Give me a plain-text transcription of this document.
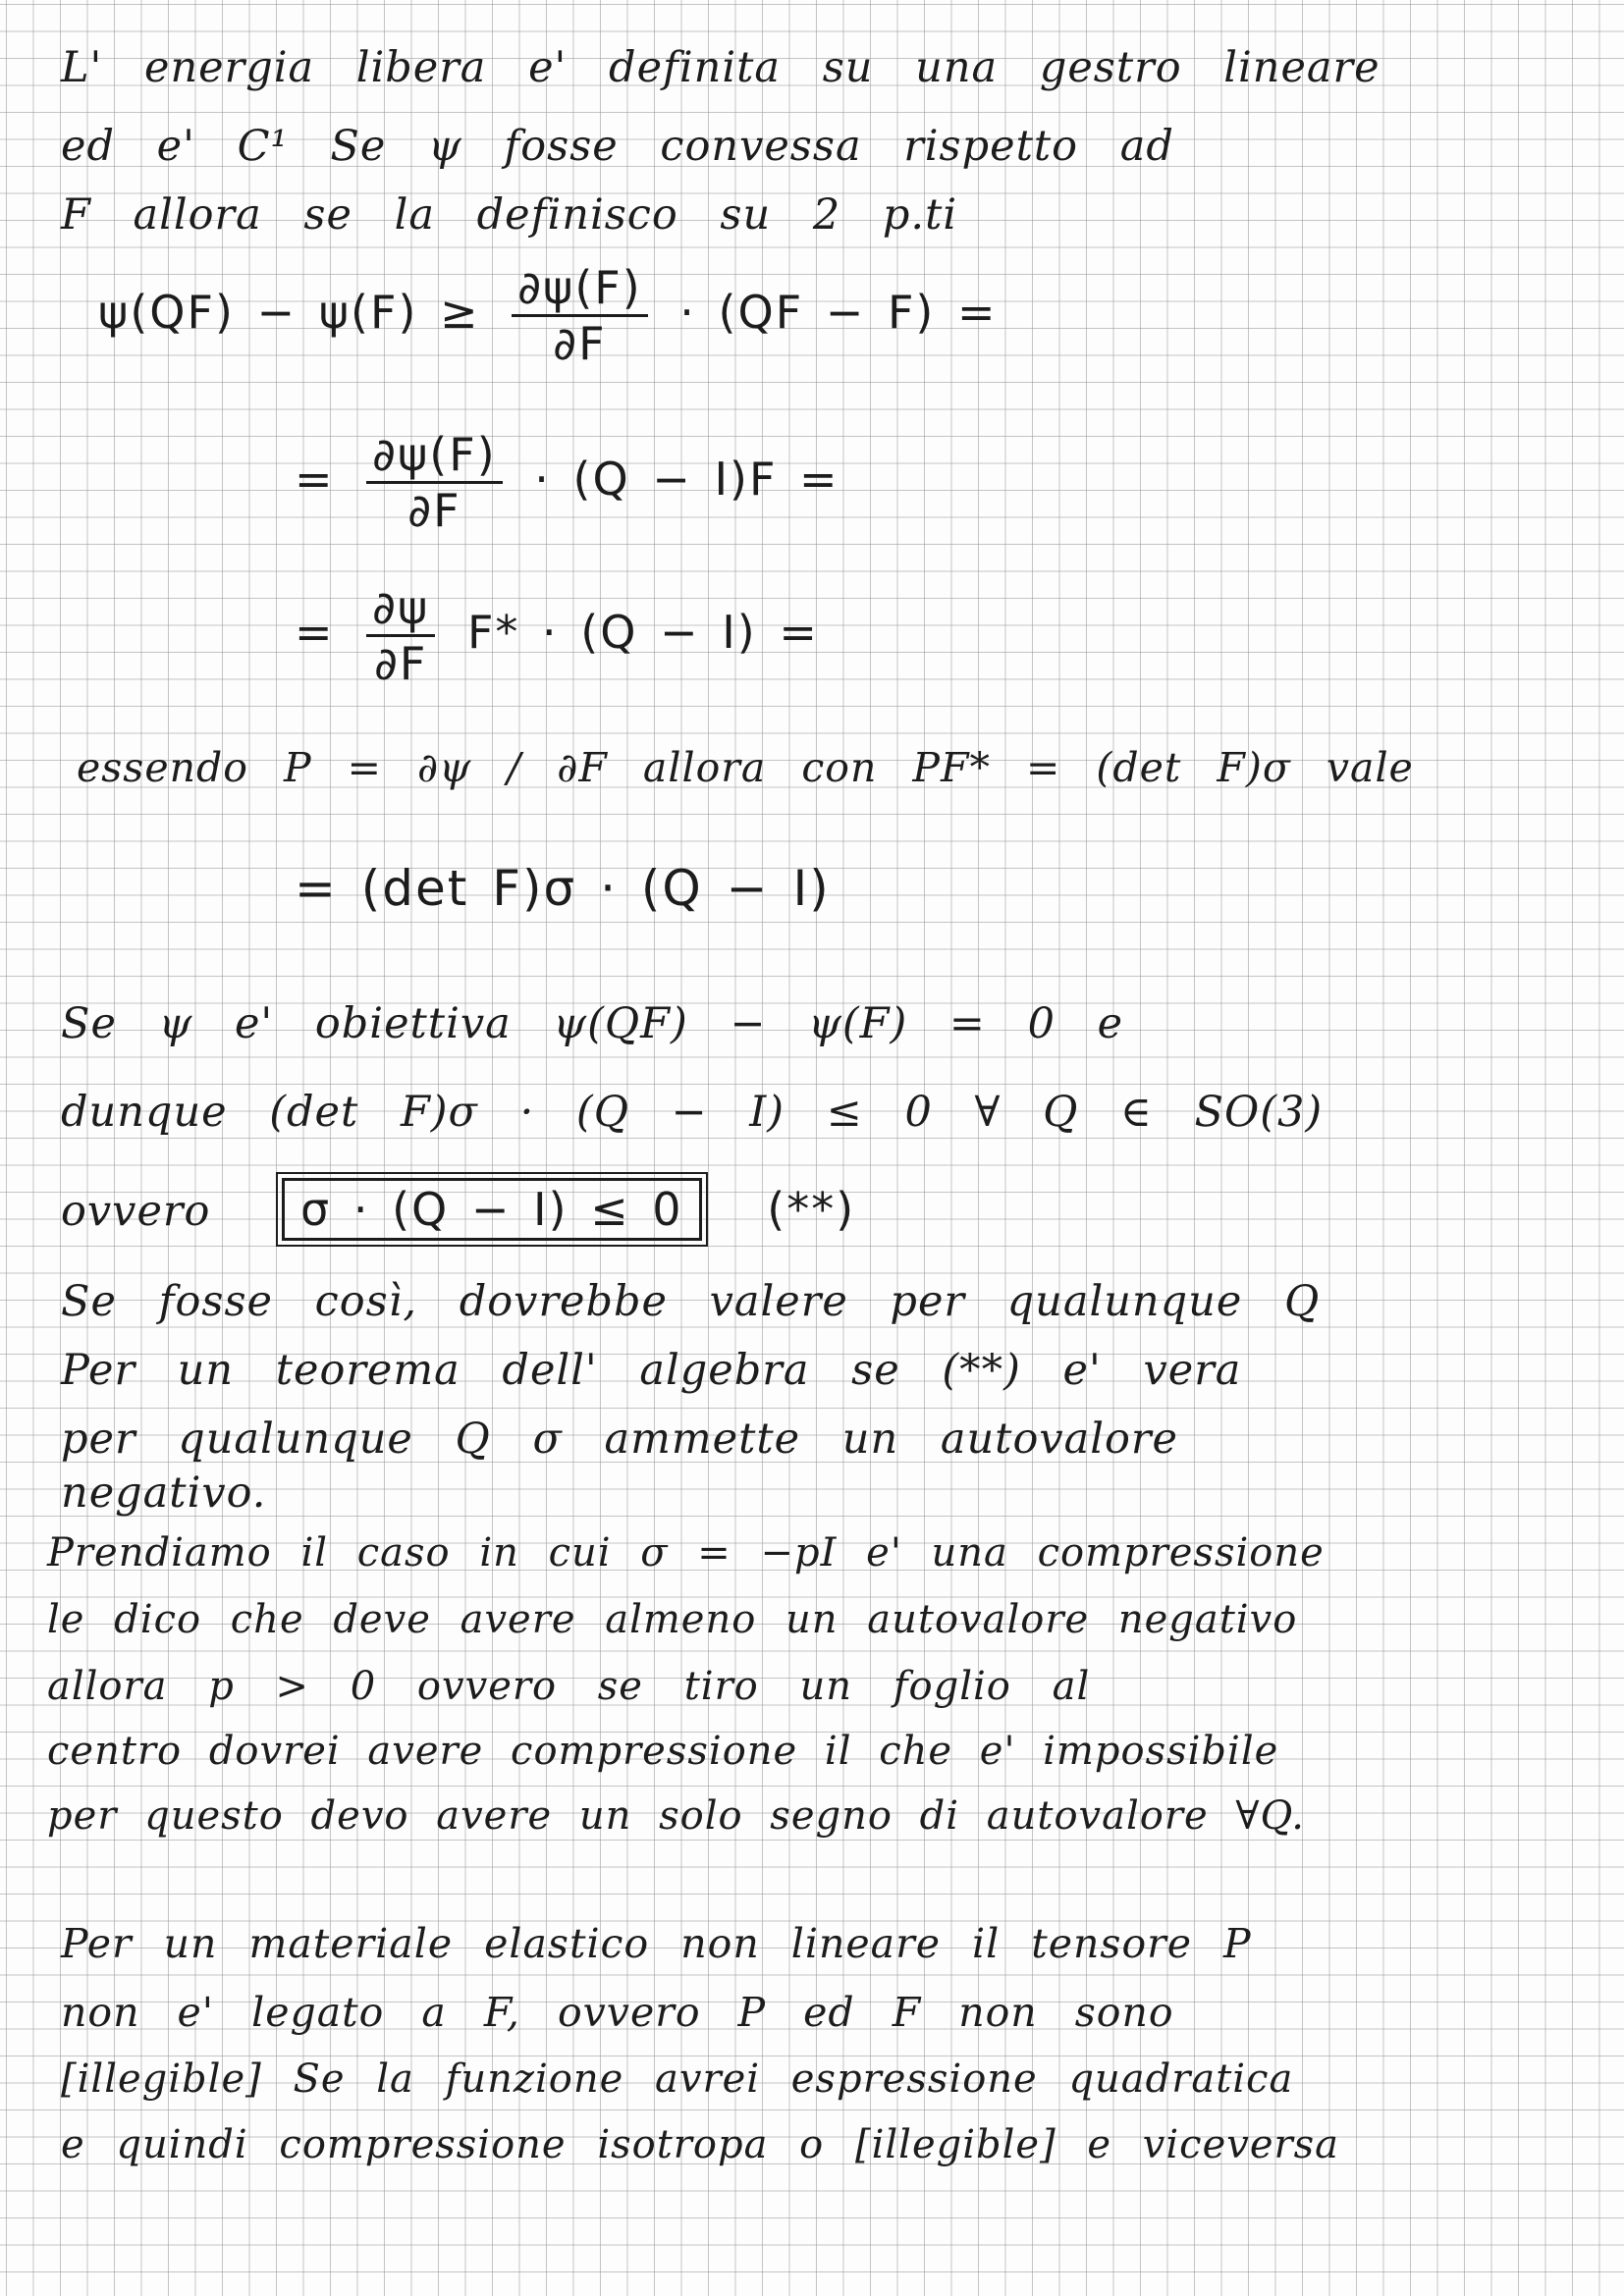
L' energia libera e' definita su una gestro lineare
ed e' C¹ Se ψ fosse convessa rispetto ad
F allora se la definisco su 2 p.ti
$\psi(QF) - \psi(F) \ge \frac{\partial\psi(F)}{\partial F} \cdot (QF - F)$ =
= $\frac{\partial\psi(F)}{\partial F} \cdot (Q - I)F$ =
= $\frac{\partial\psi}{\partial F} F* \cdot (Q - I)$ =
essendo P = ∂ψ / ∂F allora con PF* = (det F)σ vale
= (det F)σ · (Q − I)
Se ψ e' obiettiva ψ(QF) − ψ(F) = 0 e
dunque (det F)σ · (Q − I) ≤ 0 ∀ Q ∈ SO(3)
ovvero σ · (Q − I) ≤ 0 (**)
Se fosse così, dovrebbe valere per qualunque Q
Per un teorema dell' algebra se (**) e' vera
per qualunque Q σ ammette un autovalore
negativo.
Prendiamo il caso in cui σ = −pI e' una compressione
le dico che deve avere almeno un autovalore negativo
allora p > 0 ovvero se tiro un foglio al
centro dovrei avere compressione il che e' impossibile
per questo devo avere un solo segno di autovalore ∀Q.
Per un materiale elastico non lineare il tensore P
non e' legato a F, ovvero P ed F non sono
[illegible] Se la funzione avrei espressione quadratica
e quindi compressione isotropa o [illegible] e viceversa
